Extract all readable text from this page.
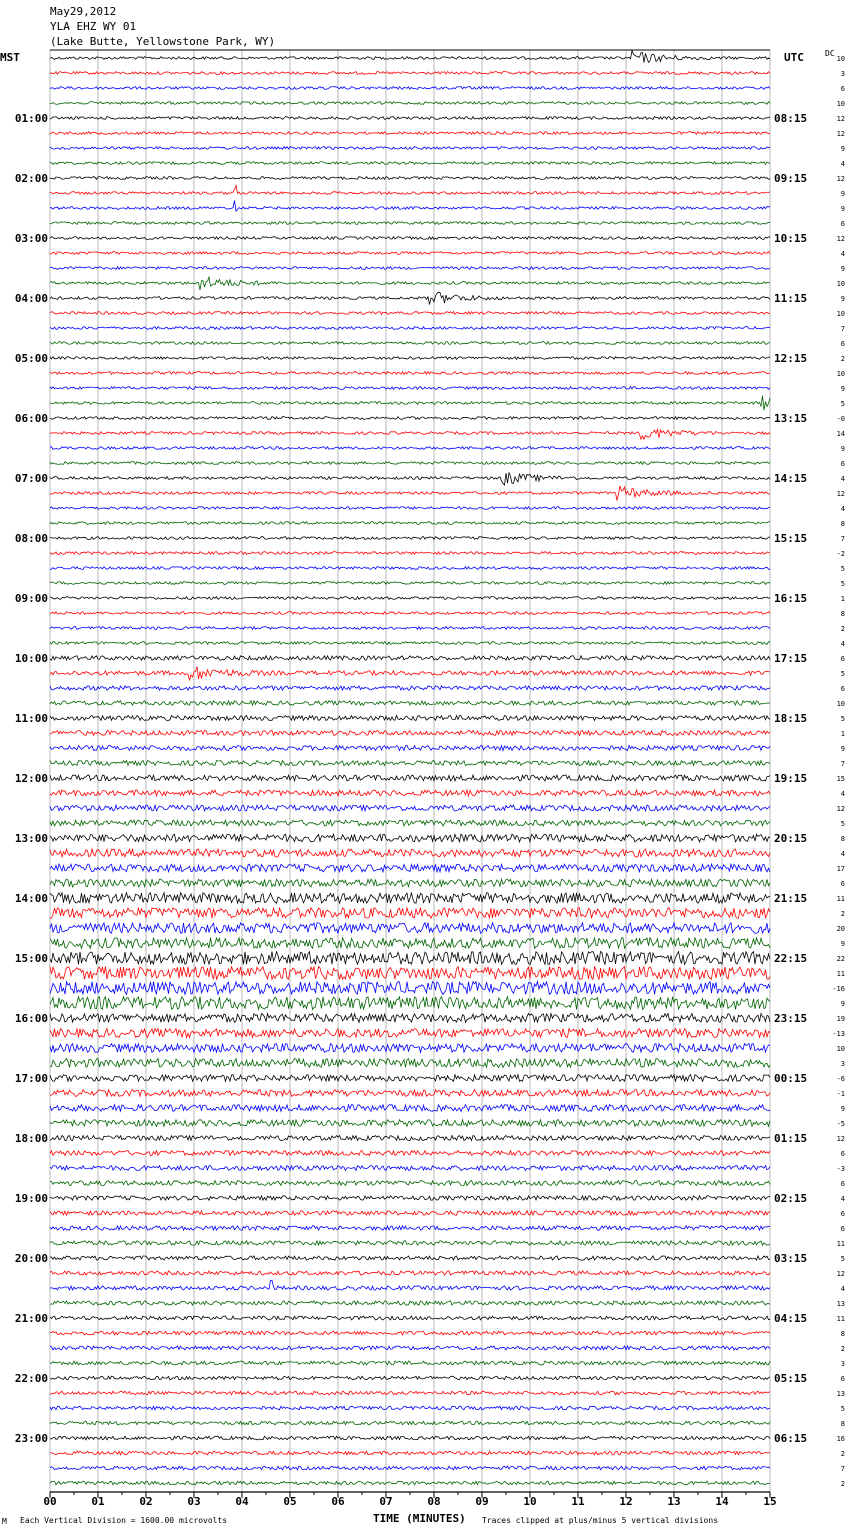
May29,2012
YLA EHZ WY 01
(Lake Butte, Yellowstone Park, WY)
MST	UTC	DC
00	01	02	03	04	05	06	07	08	09	10	11	12	13	14	15
10
3
6
10
12
12
9
4
12
9
9
6
12
4
9
10
9
10
7
6
2
10
9
5
-0
14
9
6
4
12
4
8
7
-2
5
5
1
8
2
4
6
5
6
10
5
1
9
7
15
4
12
5
8
4
17
6
11
2
20
9
22
11
-16
9
19
-13
10
3
-6
-1
9
-5
12
6
-3
6
4
6
6
11
5
12
4
13
11
8
2
3
6
13
5
8
16
2
7
2
01:00
02:00
03:00
04:00
05:00
06:00
07:00
08:00
09:00
10:00
11:00
12:00
13:00
14:00
15:00
16:00
17:00
18:00
19:00
20:00
21:00
22:00
23:00
08:15
09:15
10:15
11:15
12:15
13:15
14:15
15:15
16:15
17:15
18:15
19:15
20:15
21:15
22:15
23:15
00:15
01:15
02:15
03:15
04:15
05:15
06:15
M Each Vertical Division = 1600.00 microvolts	TIME (MINUTES) Traces clipped at plus/minus 5 vertical divisions
